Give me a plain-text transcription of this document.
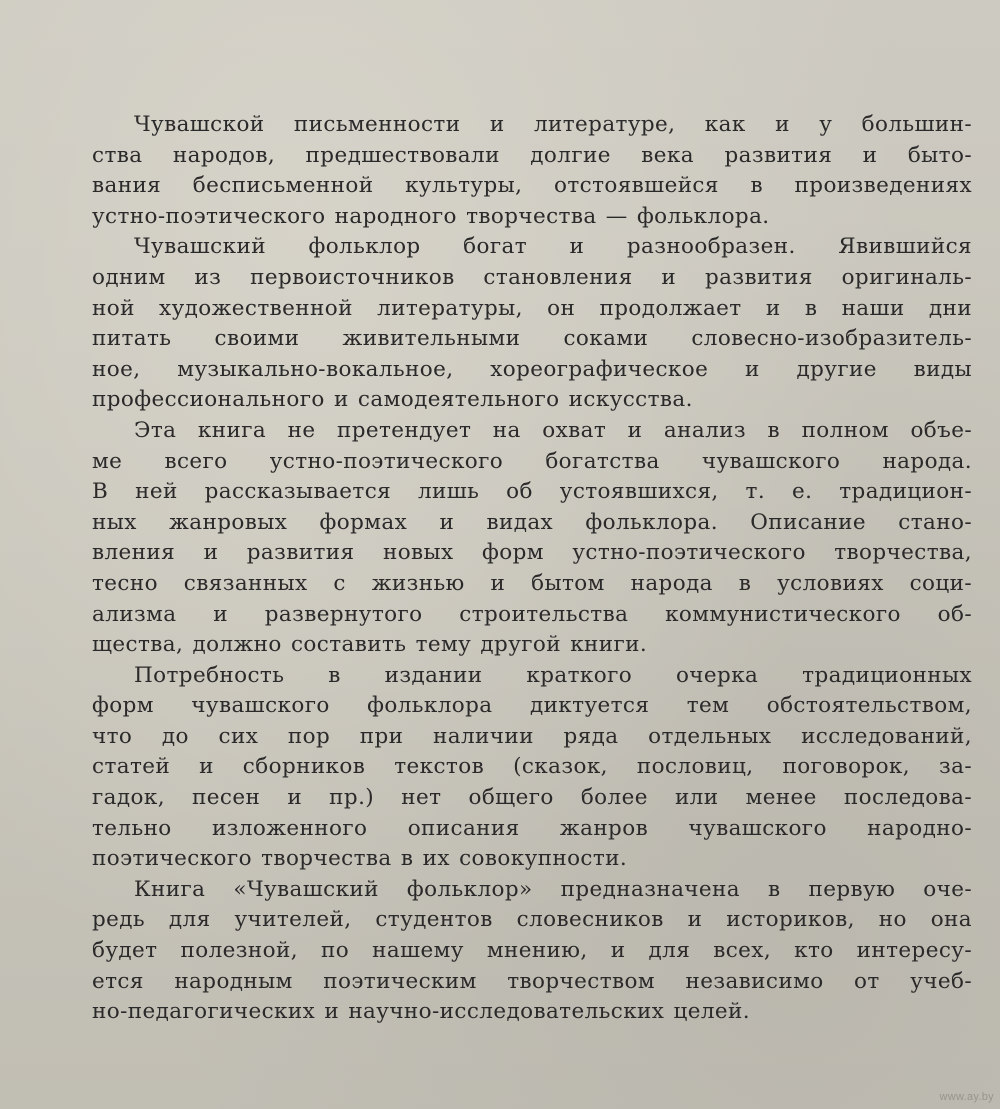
Чувашской письменности и литературе, как и у большин-
ства народов, предшествовали долгие века развития и быто-
вания бесписьменной культуры, отстоявшейся в произведениях
устно-поэтического народного творчества — фольклора.
Чувашский фольклор богат и разнообразен. Явившийся
одним из первоисточников становления и развития оригиналь-
ной художественной литературы, он продолжает и в наши дни
питать своими живительными соками словесно-изобразитель-
ное, музыкально-вокальное, хореографическое и другие виды
профессионального и самодеятельного искусства.
Эта книга не претендует на охват и анализ в полном объе-
ме всего устно-поэтического богатства чувашского народа.
В ней рассказывается лишь об устоявшихся, т. е. традицион-
ных жанровых формах и видах фольклора. Описание стано-
вления и развития новых форм устно-поэтического творчества,
тесно связанных с жизнью и бытом народа в условиях соци-
ализма и развернутого строительства коммунистического об-
щества, должно составить тему другой книги.
Потребность в издании краткого очерка традиционных
форм чувашского фольклора диктуется тем обстоятельством,
что до сих пор при наличии ряда отдельных исследований,
статей и сборников текстов (сказок, пословиц, поговорок, за-
гадок, песен и пр.) нет общего более или менее последова-
тельно изложенного описания жанров чувашского народно-
поэтического творчества в их совокупности.
Книга «Чувашский фольклор» предназначена в первую оче-
редь для учителей, студентов словесников и историков, но она
будет полезной, по нашему мнению, и для всех, кто интересу-
ется народным поэтическим творчеством независимо от учеб-
но-педагогических и научно-исследовательских целей.
www.ay.by
